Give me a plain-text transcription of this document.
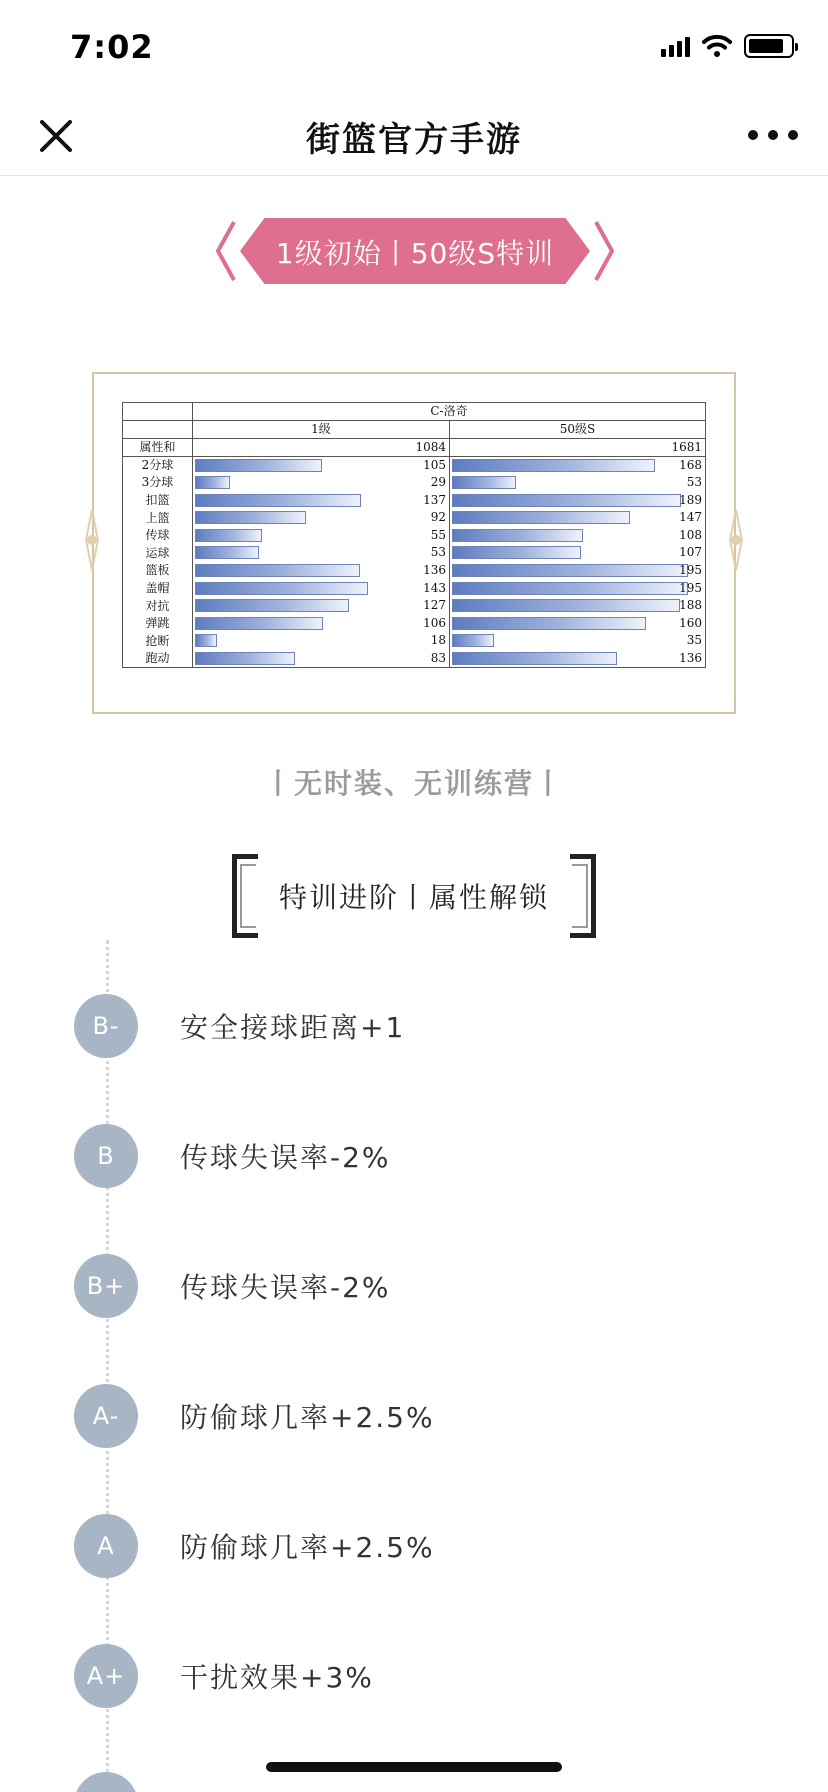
7:02
街篮官方手游
1级初始丨50级S特训
	C-洛奇	
	1级	50级S
属性和	1084	1681
2分球	105	168

3分球	29	53

扣篮	137	189

上篮	92	147

传球	55	108

运球	53	107

篮板	136	195

盖帽	143	195

对抗	127	188

弹跳	106	160

抢断	18	35

跑动	83	136
丨无时装、无训练营丨
特训进阶丨属性解锁
B-	安全接球距离+1
B	传球失误率-2%
B+	传球失误率-2%
A-	防偷球几率+2.5%
A	防偷球几率+2.5%
A+	干扰效果+3%
